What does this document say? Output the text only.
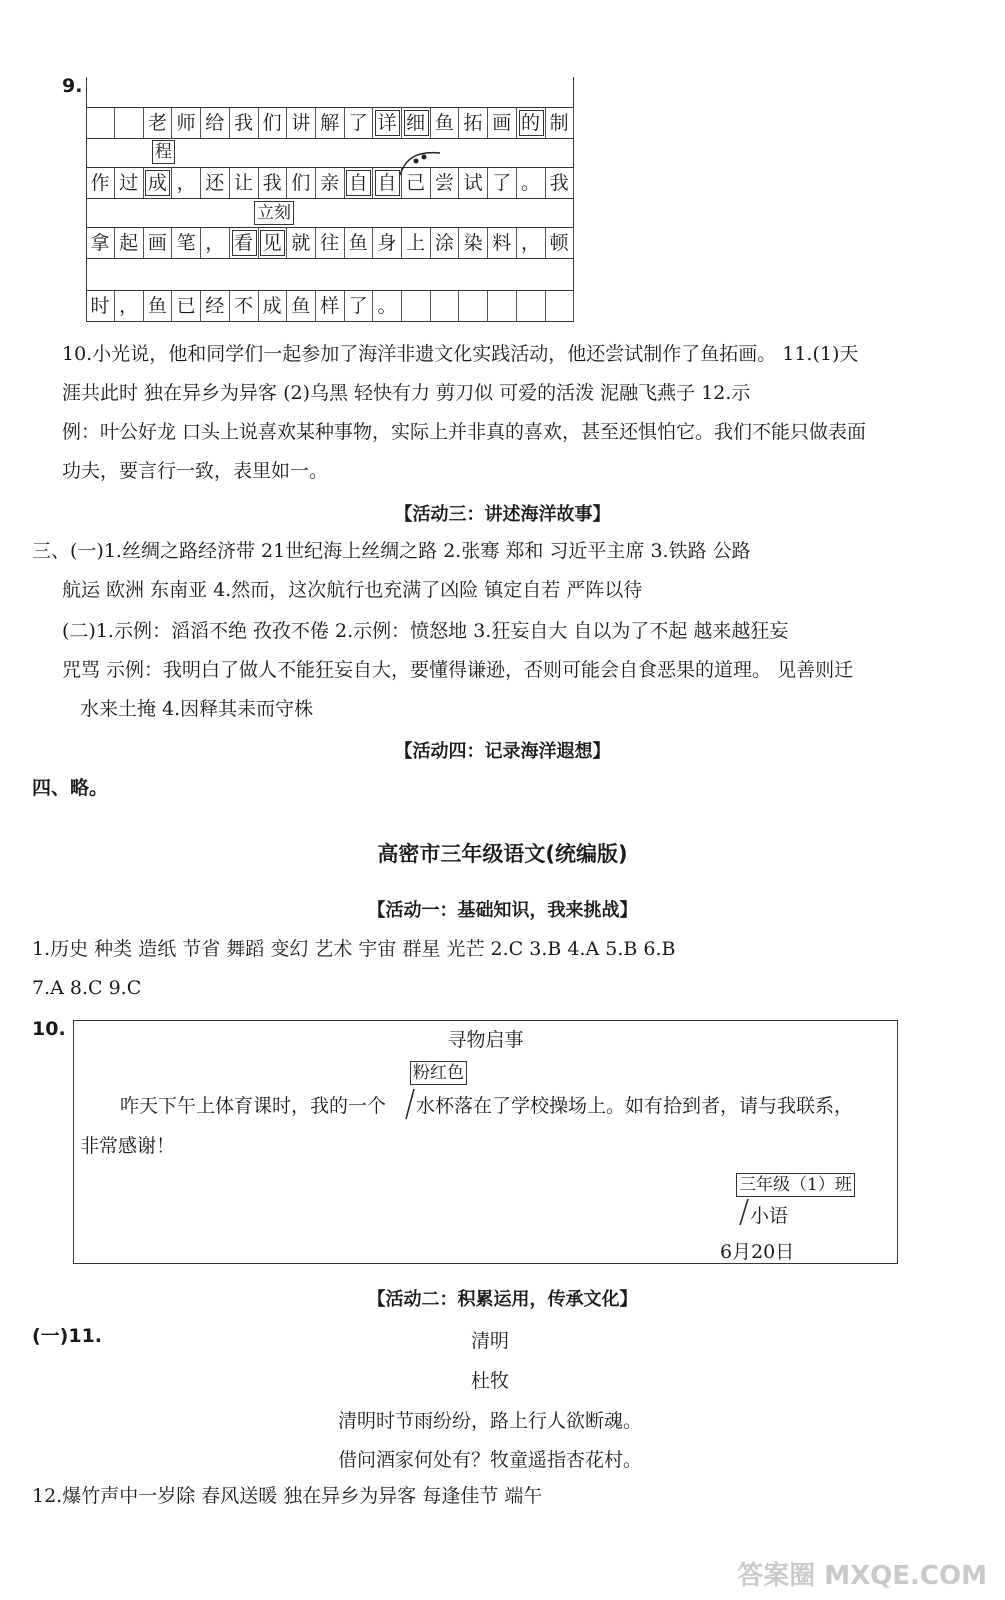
9.
老 师 给 我 们 讲 解 了 详 细 鱼 拓 画 的 制
作 过 成 ， 还 让 我 们 亲 自 自 己 尝 试 了 。 我
拿 起 画 笔 ， 看 见 就 往 鱼 身 上 涂 染 料 ， 顿
时 ， 鱼 已 经 不 成 鱼 样 了 。
程
立刻
10.小光说，他和同学们一起参加了海洋非遗文化实践活动，他还尝试制作了鱼拓画。 11.(1)天
涯共此时 独在异乡为异客 (2)乌黑 轻快有力 剪刀似 可爱的活泼 泥融飞燕子 12.示
例：叶公好龙 口头上说喜欢某种事物，实际上并非真的喜欢，甚至还惧怕它。我们不能只做表面
功夫，要言行一致，表里如一。
【活动三：讲述海洋故事】
三、(一)1.丝绸之路经济带 21世纪海上丝绸之路 2.张骞 郑和 习近平主席 3.铁路 公路
航运 欧洲 东南亚 4.然而，这次航行也充满了凶险 镇定自若 严阵以待
(二)1.示例：滔滔不绝 孜孜不倦 2.示例：愤怒地 3.狂妄自大 自以为了不起 越来越狂妄
咒骂 示例：我明白了做人不能狂妄自大，要懂得谦逊，否则可能会自食恶果的道理。 见善则迁
水来土掩 4.因释其耒而守株
【活动四：记录海洋遐想】
四、略。
高密市三年级语文(统编版)
【活动一：基础知识，我来挑战】
1.历史 种类 造纸 节省 舞蹈 变幻 艺术 宇宙 群星 光芒 2.C 3.B 4.A 5.B 6.B
7.A 8.C 9.C
10.	寻物启事
粉红色
咋天下午上体育课时，我的一个 水杯落在了学校操场上。如有拾到者，请与我联系，
非常感谢！
三年级（1）班
小语
6月20日
【活动二：积累运用，传承文化】
(一)11.	清明
杜牧
清明时节雨纷纷，路上行人欲断魂。
借问酒家何处有？牧童遥指杏花村。
12.爆竹声中一岁除 春风送暖 独在异乡为异客 每逢佳节 端午
答案圈 MXQE.COM
